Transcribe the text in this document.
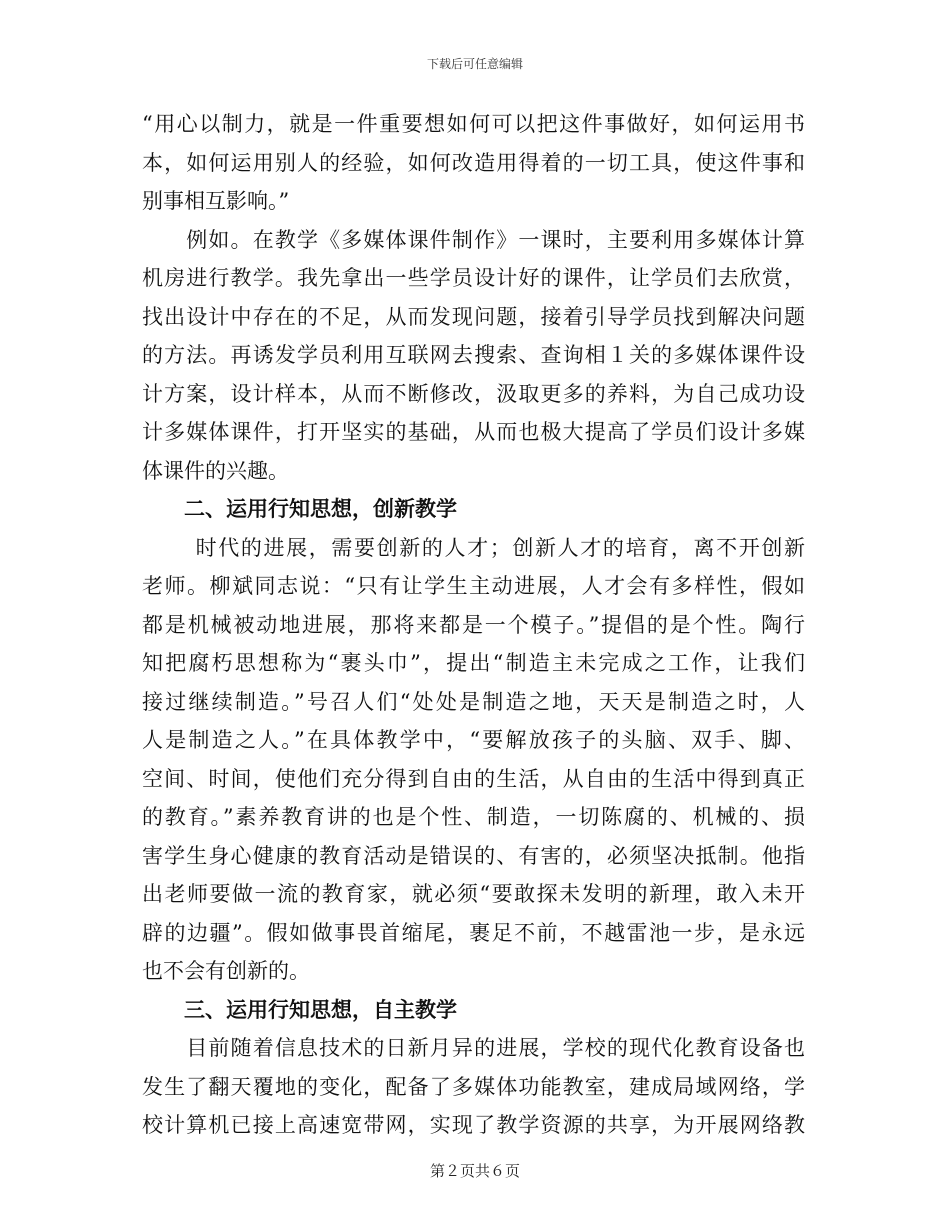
下载后可任意编辑
“用心以制力，就是一件重要想如何可以把这件事做好，如何运用书
本，如何运用别人的经验，如何改造用得着的一切工具，使这件事和
别事相互影响。”
　　例如。在教学《多媒体课件制作》一课时，主要利用多媒体计算
机房进行教学。我先拿出一些学员设计好的课件，让学员们去欣赏，
找出设计中存在的不足，从而发现问题，接着引导学员找到解决问题
的方法。再诱发学员利用互联网去搜索、查询相１关的多媒体课件设
计方案，设计样本，从而不断修改，汲取更多的养料，为自己成功设
计多媒体课件，打开坚实的基础，从而也极大提高了学员们设计多媒
体课件的兴趣。
二、运用行知思想，创新教学
　　 时代的进展，需要创新的人才；创新人才的培育，离不开创新
老师。柳斌同志说：“只有让学生主动进展，人才会有多样性，假如
都是机械被动地进展，那将来都是一个模子。”提倡的是个性。陶行
知把腐朽思想称为“裹头巾”，提出“制造主未完成之工作，让我们
接过继续制造。”号召人们“处处是制造之地，天天是制造之时，人
人是制造之人。”在具体教学中，“要解放孩子的头脑、双手、脚、
空间、时间，使他们充分得到自由的生活，从自由的生活中得到真正
的教育。”素养教育讲的也是个性、制造，一切陈腐的、机械的、损
害学生身心健康的教育活动是错误的、有害的，必须坚决抵制。他指
出老师要做一流的教育家，就必须“要敢探未发明的新理，敢入未开
辟的边疆”。假如做事畏首缩尾，裹足不前，不越雷池一步，是永远
也不会有创新的。
三、运用行知思想，自主教学
　　目前随着信息技术的日新月异的进展，学校的现代化教育设备也
发生了翻天覆地的变化，配备了多媒体功能教室，建成局域网络，学
校计算机已接上高速宽带网，实现了教学资源的共享，为开展网络教
第２页共６页
